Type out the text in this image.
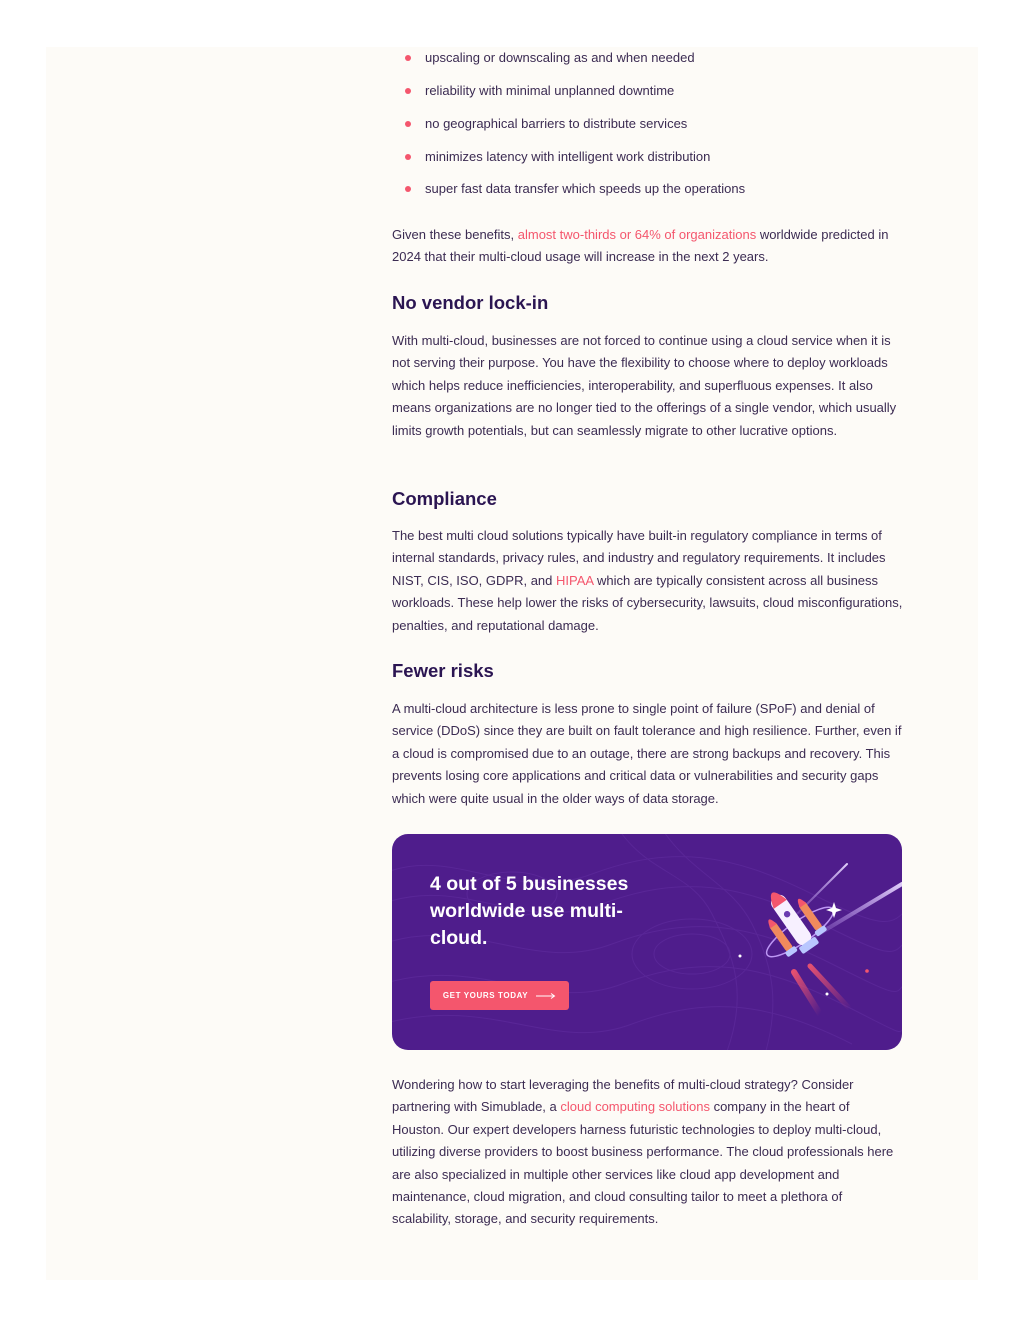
upscaling or downscaling as and when needed
reliability with minimal unplanned downtime
no geographical barriers to distribute services
minimizes latency with intelligent work distribution
super fast data transfer which speeds up the operations

Given these benefits, almost two-thirds or 64% of organizations worldwide predicted in 2024 that their multi-cloud usage will increase in the next 2 years.

No vendor lock-in

With multi-cloud, businesses are not forced to continue using a cloud service when it is not serving their purpose. You have the flexibility to choose where to deploy workloads which helps reduce inefficiencies, interoperability, and superfluous expenses. It also means organizations are no longer tied to the offerings of a single vendor, which usually limits growth potentials, but can seamlessly migrate to other lucrative options.

Compliance

The best multi cloud solutions typically have built-in regulatory compliance in terms of internal standards, privacy rules, and industry and regulatory requirements. It includes NIST, CIS, ISO, GDPR, and HIPAA which are typically consistent across all business workloads. These help lower the risks of cybersecurity, lawsuits, cloud misconfigurations, penalties, and reputational damage.

Fewer risks

A multi-cloud architecture is less prone to single point of failure (SPoF) and denial of service (DDoS) since they are built on fault tolerance and high resilience. Further, even if a cloud is compromised due to an outage, there are strong backups and recovery. This prevents losing core applications and critical data or vulnerabilities and security gaps which were quite usual in the older ways of data storage.

4 out of 5 businesses worldwide use multi-cloud.
GET YOURS TODAY

Wondering how to start leveraging the benefits of multi-cloud strategy? Consider partnering with Simublade, a cloud computing solutions company in the heart of Houston. Our expert developers harness futuristic technologies to deploy multi-cloud, utilizing diverse providers to boost business performance. The cloud professionals here are also specialized in multiple other services like cloud app development and maintenance, cloud migration, and cloud consulting tailor to meet a plethora of scalability, storage, and security requirements.
